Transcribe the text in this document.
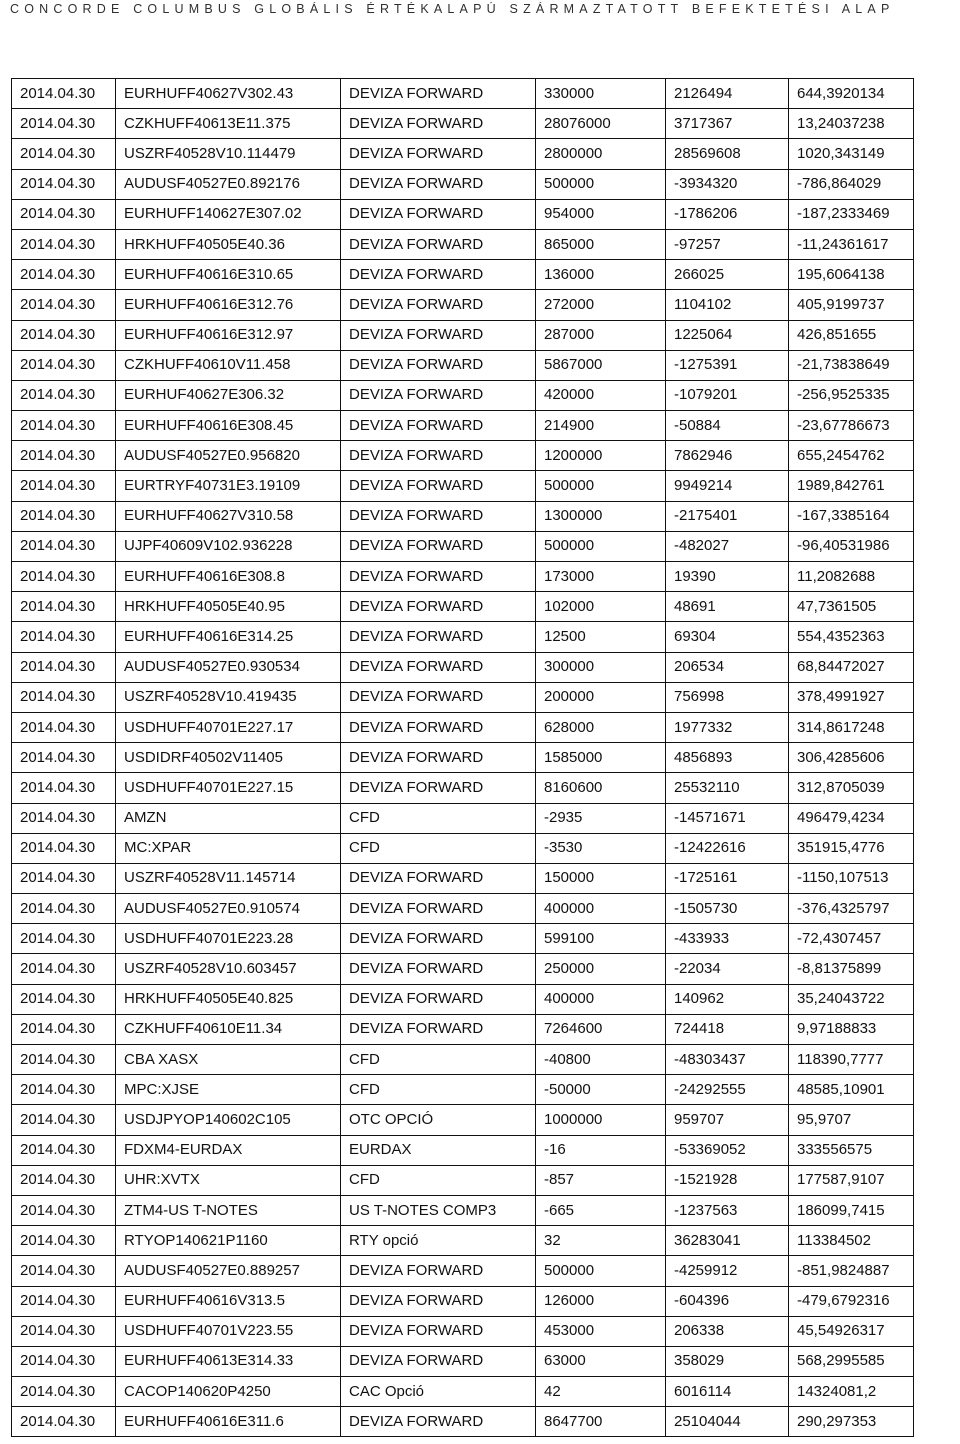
CONCORDE COLUMBUS GLOBÁLIS ÉRTÉKALAPÚ SZÁRMAZTATOTT BEFEKTETÉSI ALAP
2014.04.30	EURHUFF40627V302.43	DEVIZA FORWARD	330000	2126494	644,3920134
2014.04.30	CZKHUFF40613E11.375	DEVIZA FORWARD	28076000	3717367	13,24037238
2014.04.30	USZRF40528V10.114479	DEVIZA FORWARD	2800000	28569608	1020,343149
2014.04.30	AUDUSF40527E0.892176	DEVIZA FORWARD	500000	-3934320	-786,864029
2014.04.30	EURHUFF140627E307.02	DEVIZA FORWARD	954000	-1786206	-187,2333469
2014.04.30	HRKHUFF40505E40.36	DEVIZA FORWARD	865000	-97257	-11,24361617
2014.04.30	EURHUFF40616E310.65	DEVIZA FORWARD	136000	266025	195,6064138
2014.04.30	EURHUFF40616E312.76	DEVIZA FORWARD	272000	1104102	405,9199737
2014.04.30	EURHUFF40616E312.97	DEVIZA FORWARD	287000	1225064	426,851655
2014.04.30	CZKHUFF40610V11.458	DEVIZA FORWARD	5867000	-1275391	-21,73838649
2014.04.30	EURHUF40627E306.32	DEVIZA FORWARD	420000	-1079201	-256,9525335
2014.04.30	EURHUFF40616E308.45	DEVIZA FORWARD	214900	-50884	-23,67786673
2014.04.30	AUDUSF40527E0.956820	DEVIZA FORWARD	1200000	7862946	655,2454762
2014.04.30	EURTRYF40731E3.19109	DEVIZA FORWARD	500000	9949214	1989,842761
2014.04.30	EURHUFF40627V310.58	DEVIZA FORWARD	1300000	-2175401	-167,3385164
2014.04.30	UJPF40609V102.936228	DEVIZA FORWARD	500000	-482027	-96,40531986
2014.04.30	EURHUFF40616E308.8	DEVIZA FORWARD	173000	19390	11,2082688
2014.04.30	HRKHUFF40505E40.95	DEVIZA FORWARD	102000	48691	47,7361505
2014.04.30	EURHUFF40616E314.25	DEVIZA FORWARD	12500	69304	554,4352363
2014.04.30	AUDUSF40527E0.930534	DEVIZA FORWARD	300000	206534	68,84472027
2014.04.30	USZRF40528V10.419435	DEVIZA FORWARD	200000	756998	378,4991927
2014.04.30	USDHUFF40701E227.17	DEVIZA FORWARD	628000	1977332	314,8617248
2014.04.30	USDIDRF40502V11405	DEVIZA FORWARD	1585000	4856893	306,4285606
2014.04.30	USDHUFF40701E227.15	DEVIZA FORWARD	8160600	25532110	312,8705039
2014.04.30	AMZN	CFD	-2935	-14571671	496479,4234
2014.04.30	MC:XPAR	CFD	-3530	-12422616	351915,4776
2014.04.30	USZRF40528V11.145714	DEVIZA FORWARD	150000	-1725161	-1150,107513
2014.04.30	AUDUSF40527E0.910574	DEVIZA FORWARD	400000	-1505730	-376,4325797
2014.04.30	USDHUFF40701E223.28	DEVIZA FORWARD	599100	-433933	-72,4307457
2014.04.30	USZRF40528V10.603457	DEVIZA FORWARD	250000	-22034	-8,81375899
2014.04.30	HRKHUFF40505E40.825	DEVIZA FORWARD	400000	140962	35,24043722
2014.04.30	CZKHUFF40610E11.34	DEVIZA FORWARD	7264600	724418	9,97188833
2014.04.30	CBA XASX	CFD	-40800	-48303437	118390,7777
2014.04.30	MPC:XJSE	CFD	-50000	-24292555	48585,10901
2014.04.30	USDJPYOP140602C105	OTC OPCIÓ	1000000	959707	95,9707
2014.04.30	FDXM4-EURDAX	EURDAX	-16	-53369052	333556575
2014.04.30	UHR:XVTX	CFD	-857	-1521928	177587,9107
2014.04.30	ZTM4-US T-NOTES	US T-NOTES COMP3	-665	-1237563	186099,7415
2014.04.30	RTYOP140621P1160	RTY opció	32	36283041	113384502
2014.04.30	AUDUSF40527E0.889257	DEVIZA FORWARD	500000	-4259912	-851,9824887
2014.04.30	EURHUFF40616V313.5	DEVIZA FORWARD	126000	-604396	-479,6792316
2014.04.30	USDHUFF40701V223.55	DEVIZA FORWARD	453000	206338	45,54926317
2014.04.30	EURHUFF40613E314.33	DEVIZA FORWARD	63000	358029	568,2995585
2014.04.30	CACOP140620P4250	CAC Opció	42	6016114	14324081,2
2014.04.30	EURHUFF40616E311.6	DEVIZA FORWARD	8647700	25104044	290,297353
